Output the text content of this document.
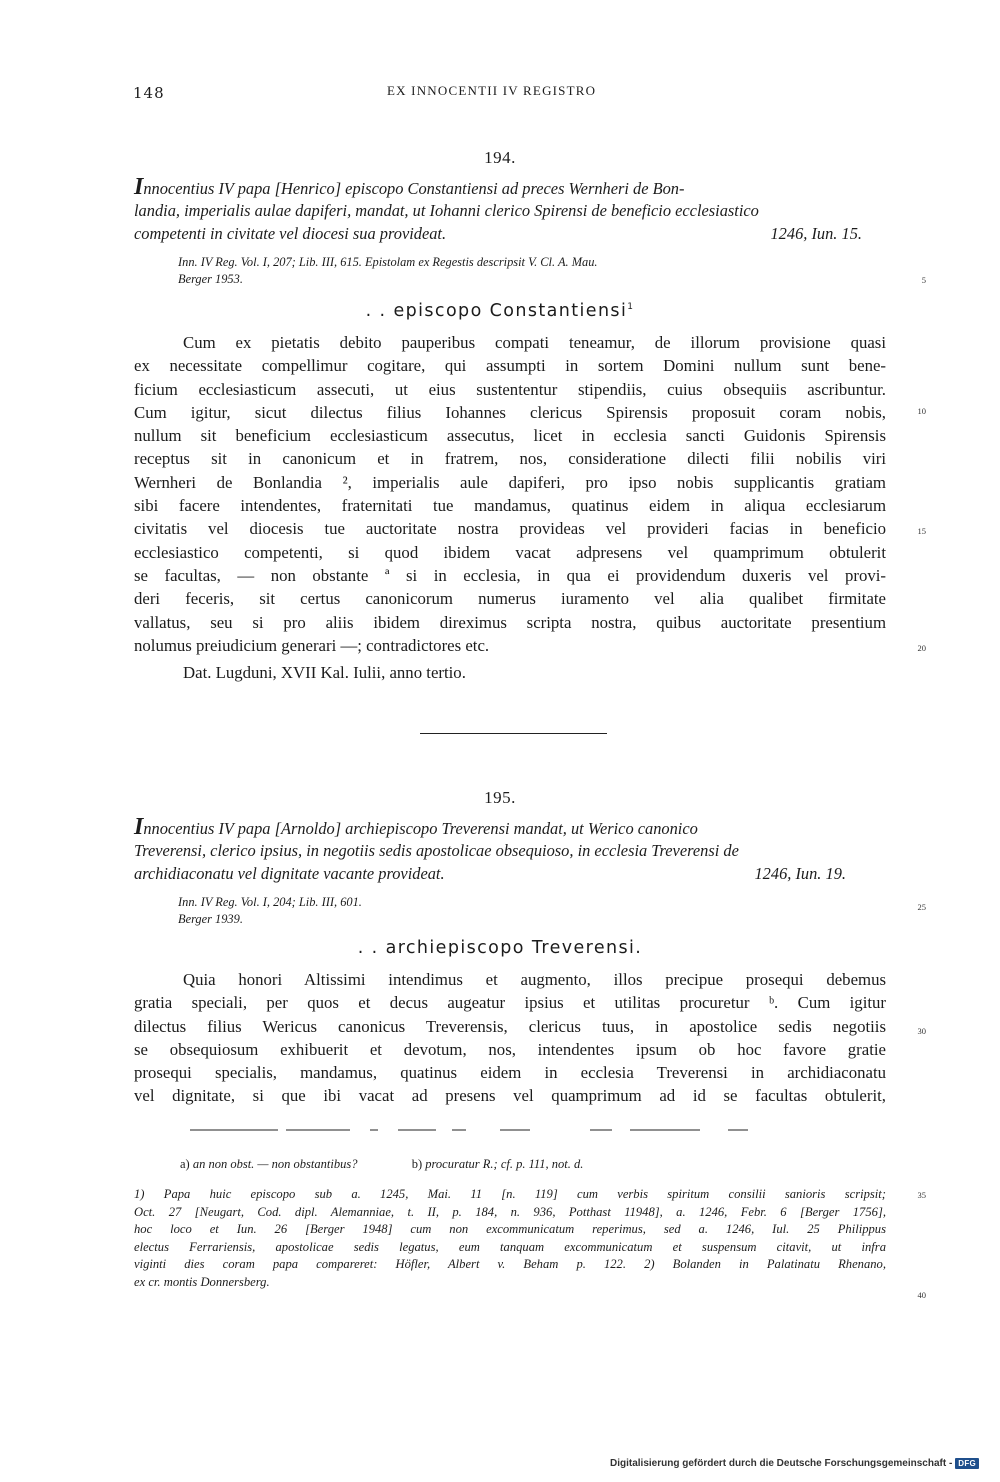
148	EX INNOCENTII IV REGISTRO
194.
Innocentius IV papa [Henrico] episcopo Constantiensi ad preces Wernheri de Bon-
landia, imperialis aulae dapiferi, mandat, ut Iohanni clerico Spirensi de beneficio ecclesiastico
competenti in civitate vel diocesi sua provideat.	1246, Iun. 15.
Inn. IV Reg. Vol. I, 207; Lib. III, 615. Epistolam ex Regestis descripsit V. Cl. A. Mau.
Berger 1953.
. . episcopo Constantiensi$^1$
Cum ex pietatis debito pauperibus compati teneamur, de illorum provisione quasi
ex necessitate compellimur cogitare, qui assumpti in sortem Domini nullum sunt bene-
ficium ecclesiasticum assecuti, ut eius sustententur stipendiis, cuius obsequiis ascribuntur.
Cum igitur, sicut dilectus filius Iohannes clericus Spirensis proposuit coram nobis,
nullum sit beneficium ecclesiasticum assecutus, licet in ecclesia sancti Guidonis Spirensis
receptus sit in canonicum et in fratrem, nos, consideratione dilecti filii nobilis viri
Wernheri de Bonlandia ², imperialis aule dapiferi, pro ipso nobis supplicantis gratiam
sibi facere intendentes, fraternitati tue mandamus, quatinus eidem in aliqua ecclesiarum
civitatis vel diocesis tue auctoritate nostra provideas vel provideri facias in beneficio
ecclesiastico competenti, si quod ibidem vacat adpresens vel quamprimum obtulerit
se facultas, — non obstante ª si in ecclesia, in qua ei providendum duxeris vel provi-
deri feceris, sit certus canonicorum numerus iuramento vel alia qualibet firmitate
vallatus, seu si pro aliis ibidem direximus scripta nostra, quibus auctoritate presentium
nolumus preiudicium generari —; contradictores etc.
Dat. Lugduni, XVII Kal. Iulii, anno tertio.
195.
Innocentius IV papa [Arnoldo] archiepiscopo Treverensi mandat, ut Werico canonico
Treverensi, clerico ipsius, in negotiis sedis apostolicae obsequioso, in ecclesia Treverensi de
archidiaconatu vel dignitate vacante provideat.	1246, Iun. 19.
Inn. IV Reg. Vol. I, 204; Lib. III, 601.
Berger 1939.
. . archiepiscopo Treverensi.
Quia honori Altissimi intendimus et augmento, illos precipue prosequi debemus
gratia speciali, per quos et decus augeatur ipsius et utilitas procuretur ᵇ. Cum igitur
dilectus filius Wericus canonicus Treverensis, clericus tuus, in apostolice sedis negotiis
se obsequiosum exhibuerit et devotum, nos, intendentes ipsum ob hoc favore gratie
prosequi specialis, mandamus, quatinus eidem in ecclesia Treverensi in archidiaconatu
vel dignitate, si que ibi vacat ad presens vel quamprimum ad id se facultas obtulerit,
5
10
15
20
25
30
35
40
a) an non obst. — non obstantibus?	b) procuratur R.; cf. p. 111, not. d.
1) Papa huic episcopo sub a. 1245, Mai. 11 [n. 119] cum verbis spiritum consilii sanioris scripsit;
Oct. 27 [Neugart, Cod. dipl. Alemanniae, t. II, p. 184, n. 936, Potthast 11948], a. 1246, Febr. 6 [Berger 1756],
hoc loco et Iun. 26 [Berger 1948] cum non excommunicatum reperimus, sed a. 1246, Iul. 25 Philippus
electus Ferrariensis, apostolicae sedis legatus, eum tanquam excommunicatum et suspensum citavit, ut infra
viginti dies coram papa compareret: Höfler, Albert v. Beham p. 122. 2) Bolanden in Palatinatu Rhenano,
ex cr. montis Donnersberg.
Digitalisierung gefördert durch die Deutsche Forschungsgemeinschaft - DFG
